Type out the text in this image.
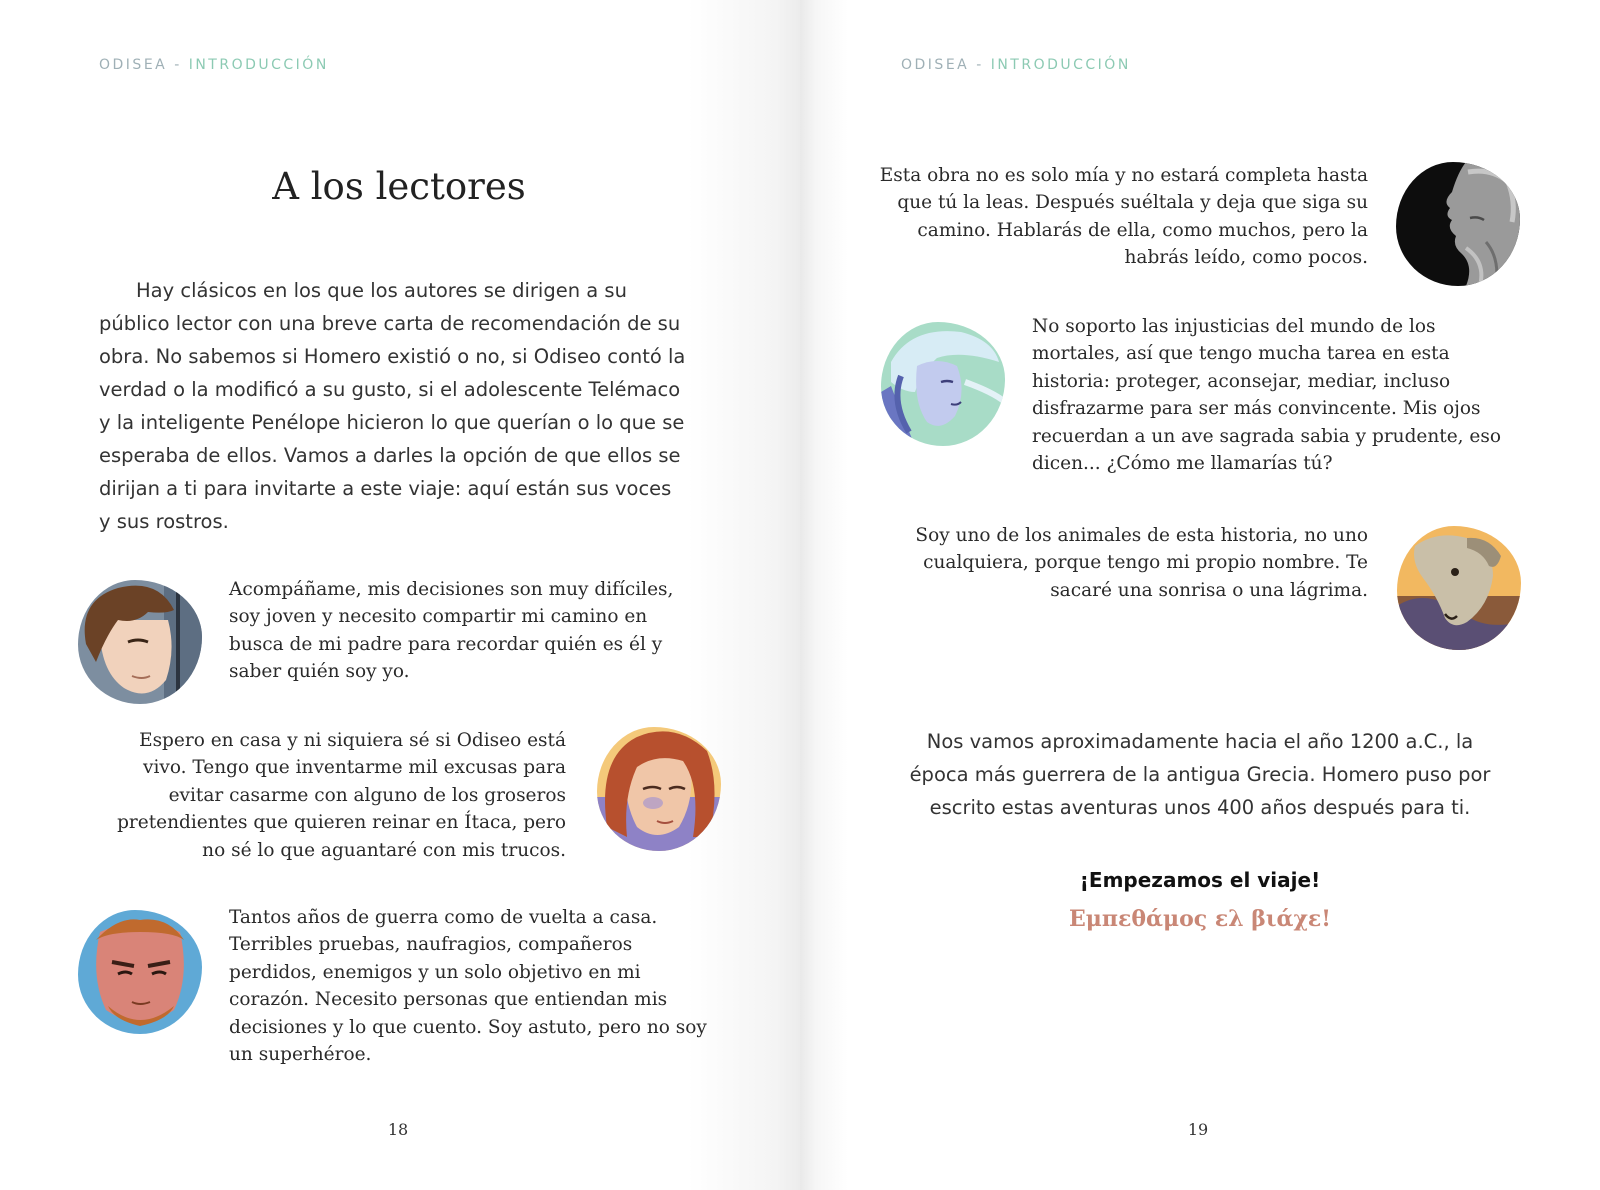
ODISEA - INTRODUCCIÓN
A los lectores

Hay clásicos en los que los autores se dirigen a su público lector con una breve carta de recomendación de su obra. No sabemos si Homero existió o no, si Odiseo contó la verdad o la modificó a su gusto, si el adolescente Telémaco y la inteligente Penélope hicieron lo que querían o lo que se esperaba de ellos. Vamos a darles la opción de que ellos se dirijan a ti para invitarte a este viaje: aquí están sus voces y sus rostros.

Acompáñame, mis decisiones son muy difíciles, soy joven y necesito compartir mi camino en busca de mi padre para recordar quién es él y saber quién soy yo.

Espero en casa y ni siquiera sé si Odiseo está vivo. Tengo que inventarme mil excusas para evitar casarme con alguno de los groseros pretendientes que quieren reinar en Ítaca, pero no sé lo que aguantaré con mis trucos.

Tantos años de guerra como de vuelta a casa. Terribles pruebas, naufragios, compañeros perdidos, enemigos y un solo objetivo en mi corazón. Necesito personas que entiendan mis decisiones y lo que cuento. Soy astuto, pero no soy un superhéroe.

18
ODISEA - INTRODUCCIÓN

Esta obra no es solo mía y no estará completa hasta que tú la leas. Después suéltala y deja que siga su camino. Hablarás de ella, como muchos, pero la habrás leído, como pocos.

No soporto las injusticias del mundo de los mortales, así que tengo mucha tarea en esta historia: proteger, aconsejar, mediar, incluso disfrazarme para ser más convincente. Mis ojos recuerdan a un ave sagrada sabia y prudente, eso dicen... ¿Cómo me llamarías tú?

Soy uno de los animales de esta historia, no uno cualquiera, porque tengo mi propio nombre. Te sacaré una sonrisa o una lágrima.

Nos vamos aproximadamente hacia el año 1200 a.C., la época más guerrera de la antigua Grecia. Homero puso por escrito estas aventuras unos 400 años después para ti.

¡Empezamos el viaje!
Εμπεθάμος ελ βιάχε!
19
